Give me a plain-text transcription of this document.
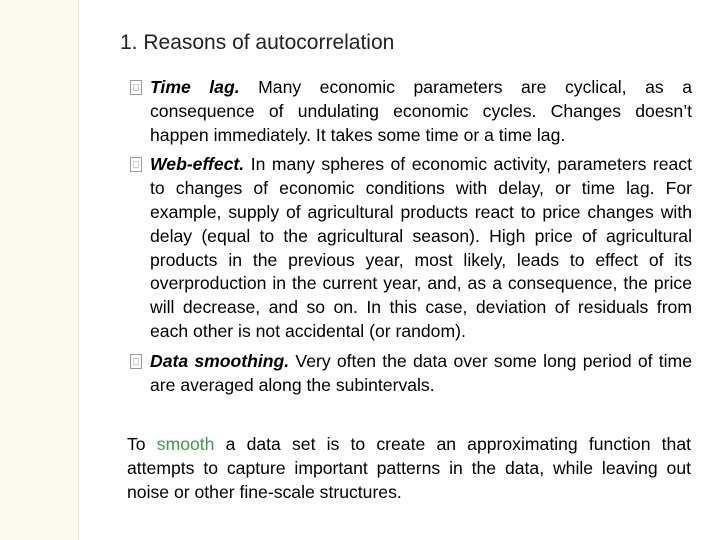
1. Reasons of autocorrelation
Time lag. Many economic parameters are cyclical, as a consequence of undulating economic cycles. Changes doesn’t happen immediately. It takes some time or a time lag.
Web-effect. In many spheres of economic activity, parameters react to changes of economic conditions with delay, or time lag. For example, supply of agricultural products react to price changes with delay (equal to the agricultural season). High price of agricultural products in the previous year, most likely, leads to effect of its overproduction in the current year, and, as a consequence, the price will decrease, and so on. In this case, deviation of residuals from each other is not accidental (or random).
Data smoothing. Very often the data over some long period of time are averaged along the subintervals.
To smooth a data set is to create an approximating function that attempts to capture important patterns in the data, while leaving out noise or other fine-scale structures.
